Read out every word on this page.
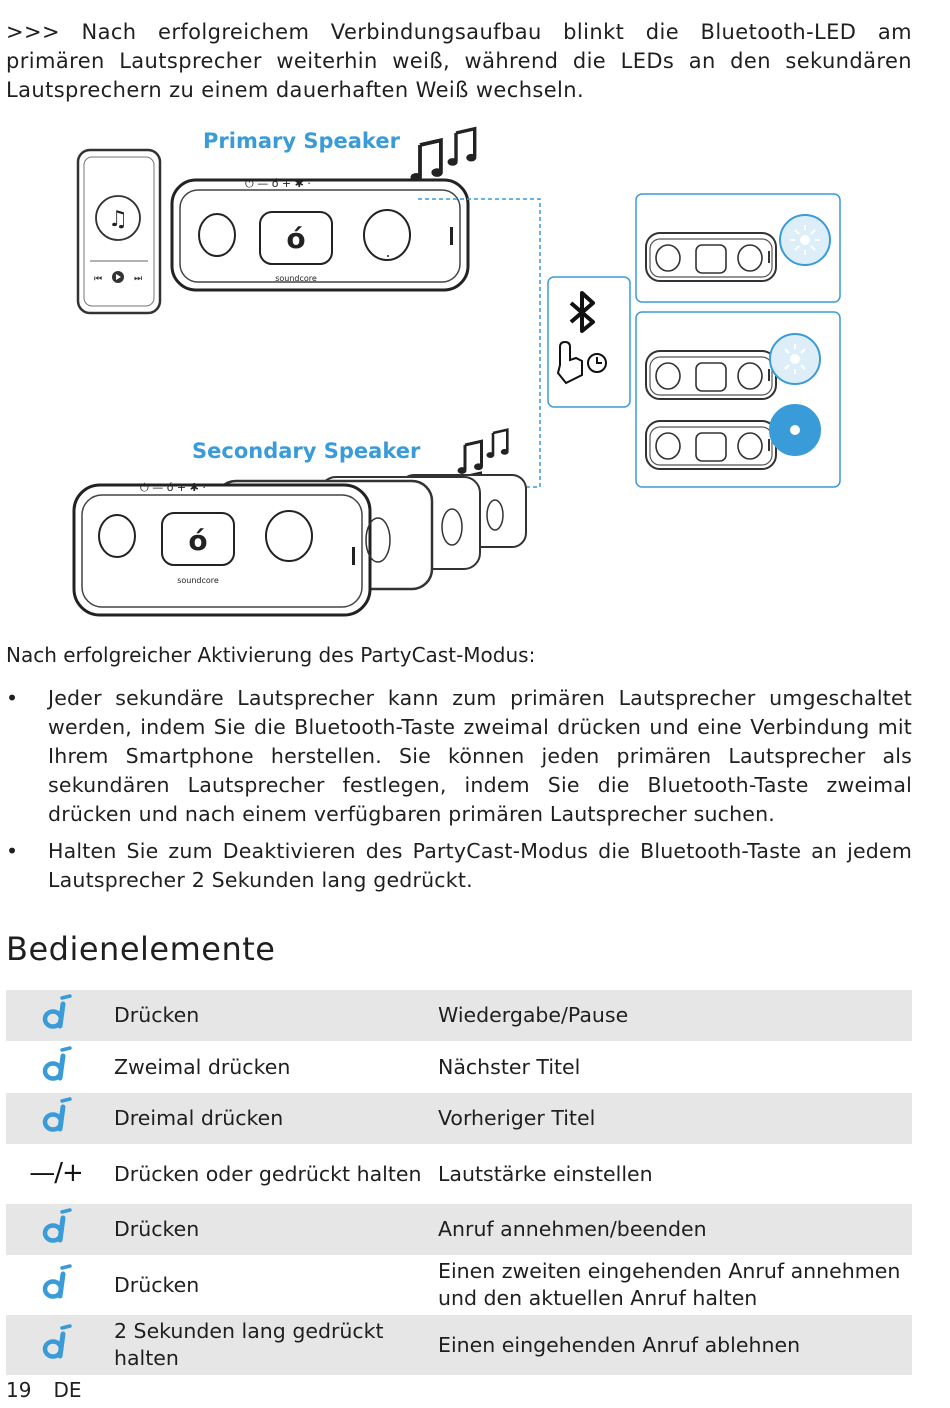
>>> Nach erfolgreichem Verbindungsaufbau blinkt die Bluetooth-LED am primären Lautsprecher weiterhin weiß, während die LEDs an den sekundären Lautsprechern zu einem dauerhaften Weiß wechseln.

♫
⏮	⏭
Primary Speaker
ó
soundcore
⏻ — ó + ✱ ·
Secondary Speaker
ó
soundcore
⏻ — ó + ✱ ·

Nach erfolgreicher Aktivierung des PartyCast-Modus:

• Jeder sekundäre Lautsprecher kann zum primären Lautsprecher umgeschaltet werden, indem Sie die Bluetooth-Taste zweimal drücken und eine Verbindung mit Ihrem Smartphone herstellen. Sie können jeden primären Lautsprecher als sekundären Lautsprecher festlegen, indem Sie die Bluetooth-Taste zweimal drücken und nach einem verfügbaren primären Lautsprecher suchen.
• Halten Sie zum Deaktivieren des PartyCast-Modus die Bluetooth-Taste an jedem Lautsprecher 2 Sekunden lang gedrückt.
Bedienelemente
	Drücken	Wiedergabe/Pause
	Zweimal drücken	Nächster Titel
	Dreimal drücken	Vorheriger Titel
—/+	Drücken oder gedrückt halten	Lautstärke einstellen
	Drücken	Anruf annehmen/beenden
	Drücken	Einen zweiten eingehenden Anruf annehmen und den aktuellen Anruf halten
	2 Sekunden lang gedrückt halten	Einen eingehenden Anruf ablehnen

19 DE
